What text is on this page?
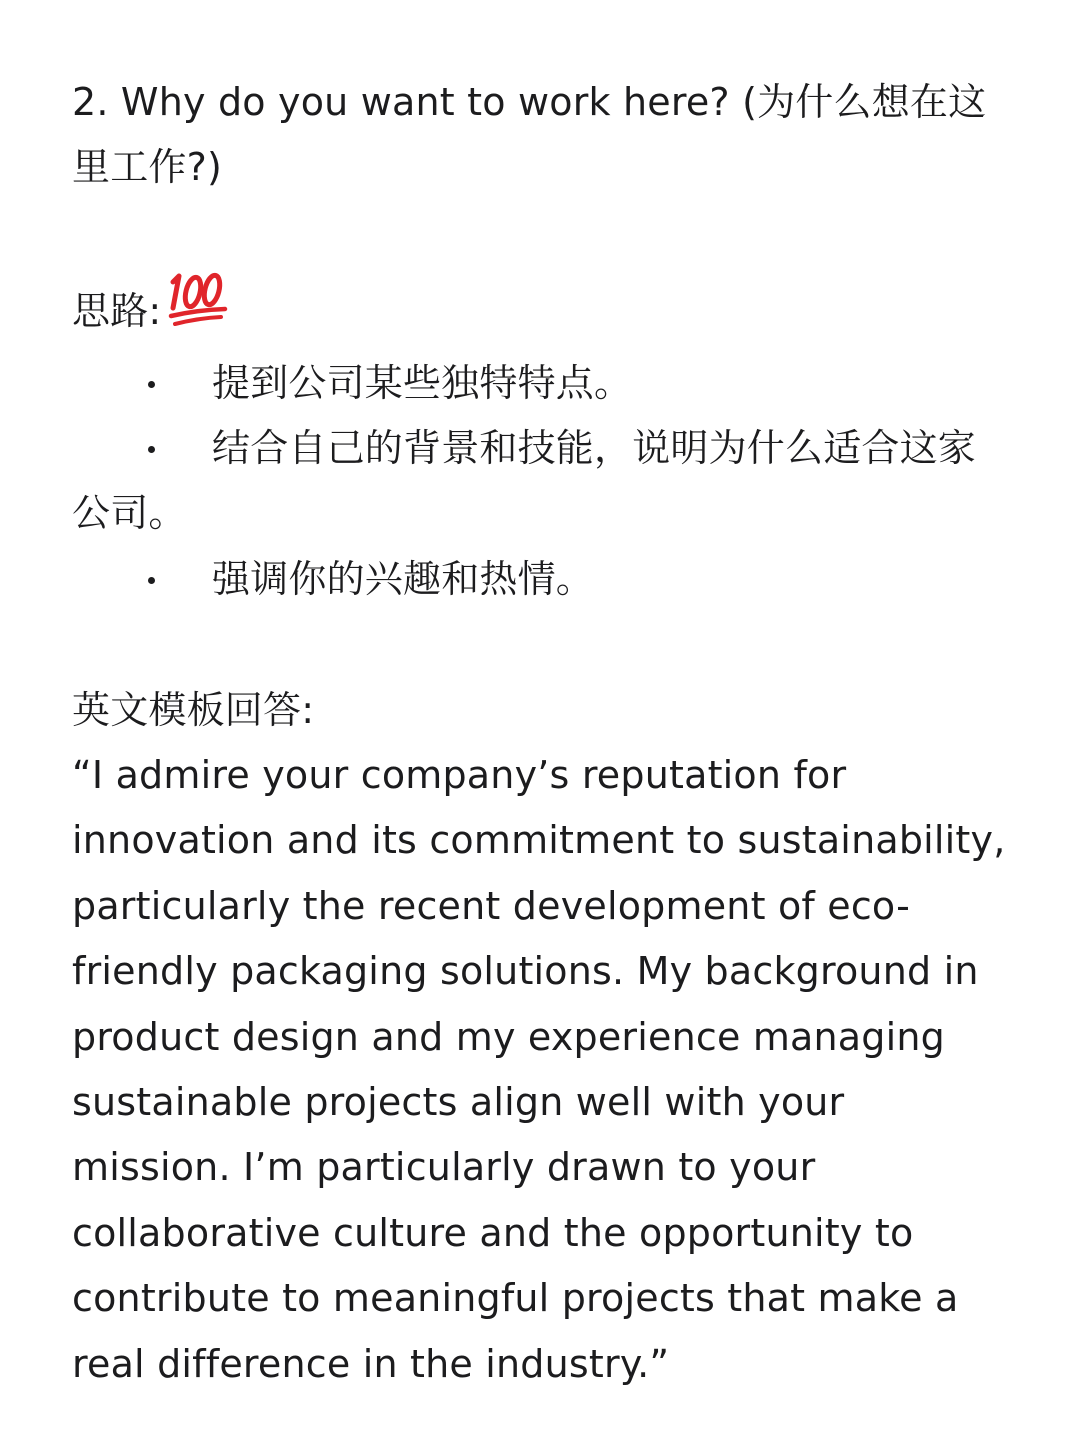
2. Why do you want to work here? (为什么想在这里工作?)

思路:

提到公司某些独特特点。
结合自己的背景和技能，说明为什么适合这家公司。
强调你的兴趣和热情。

英文模板回答:

“I admire your company’s reputation for innovation and its commitment to sustainability, particularly the recent development of eco-friendly packaging solutions. My background in product design and my experience managing sustainable projects align well with your mission. I’m particularly drawn to your collaborative culture and the opportunity to contribute to meaningful projects that make a real difference in the industry.”
